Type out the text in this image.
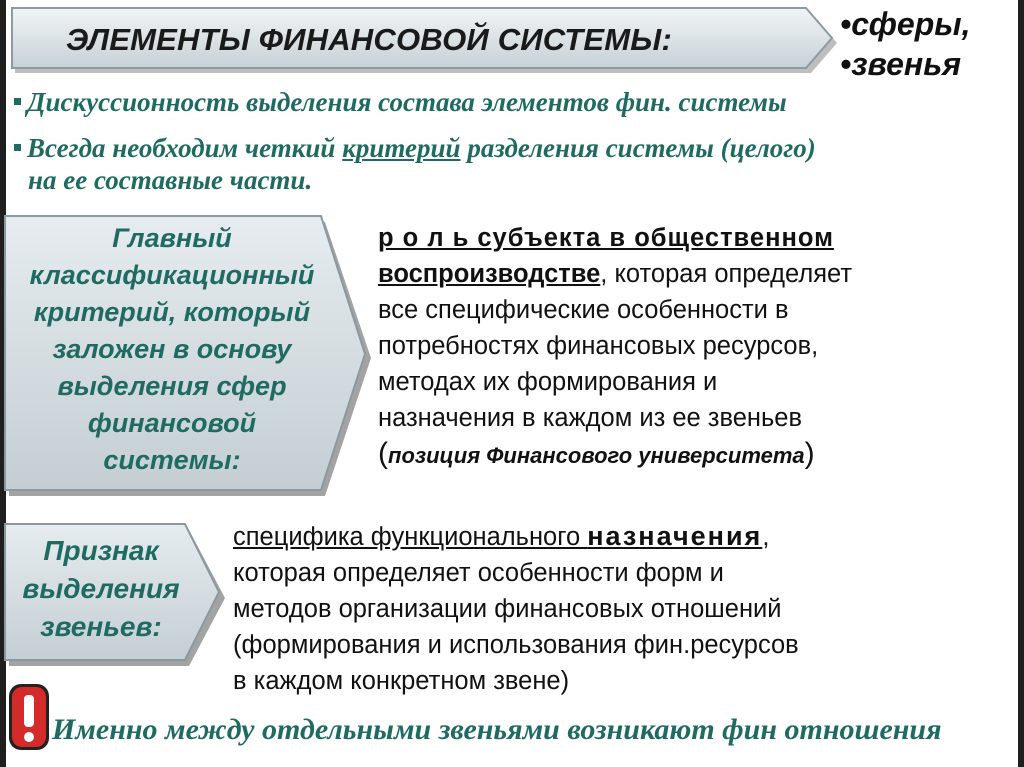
ЭЛЕМЕНТЫ ФИНАНСОВОЙ СИСТЕМЫ:	•сферы,
•звенья
Дискуссионность выделения состава элементов фин. системы
Всегда необходим четкий критерий разделения системы (целого)
на ее составные части.
Главный
классификационный
критерий, который
заложен в основу
выделения сфер
финансовой
системы:
р о л ь субъекта в общественном
воспроизводстве, которая определяет
все специфические особенности в
потребностях финансовых ресурсов,
методах их формирования и
назначения в каждом из ее звеньев
(позиция Финансового университета)
Признак
выделения
звеньев:
специфика функционального назначения,
которая определяет особенности форм и
методов организации финансовых отношений
(формирования и использования фин.ресурсов
в каждом конкретном звене)
Именно между отдельными звеньями возникают фин отношения
